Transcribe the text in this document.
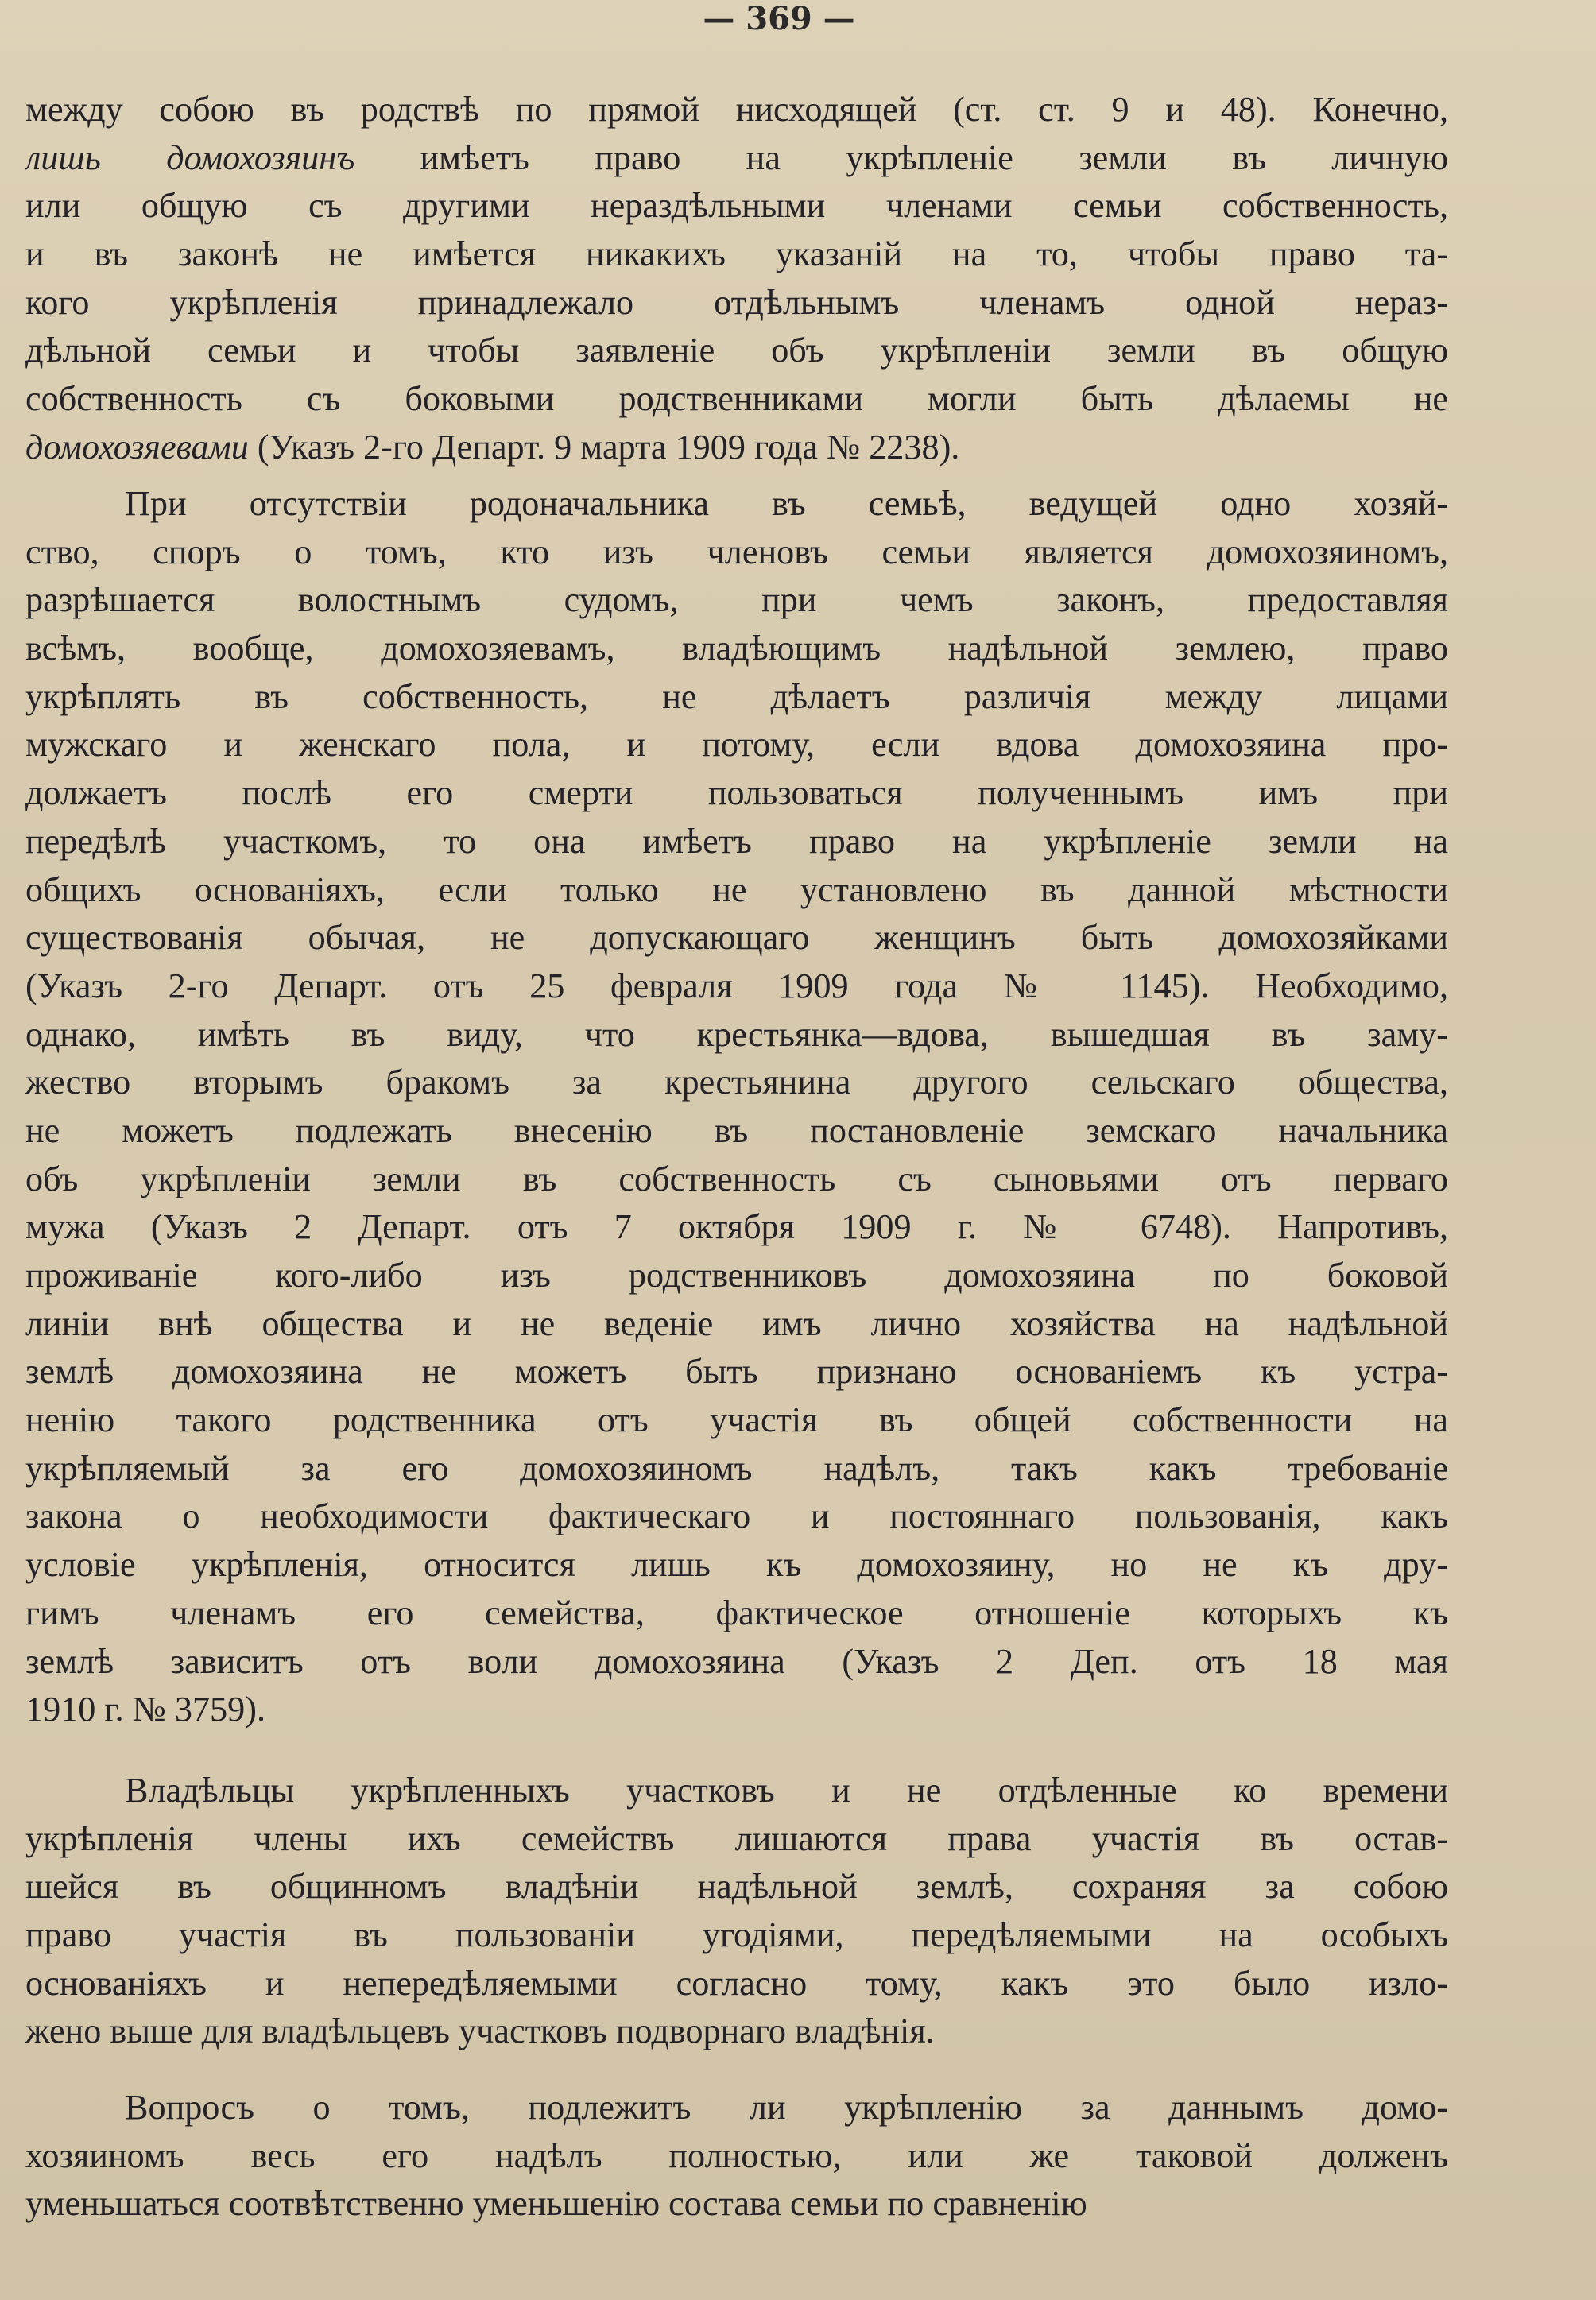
— 369 —
между собою въ родствѣ по прямой нисходящей (ст. ст. 9 и 48). Конечно,
лишь домохозяинъ имѣетъ право на укрѣпленіе земли въ личную
или общую съ другими нераздѣльными членами семьи собственность,
и въ законѣ не имѣется никакихъ указаній на то, чтобы право та-
кого укрѣпленія принадлежало отдѣльнымъ членамъ одной нераз-
дѣльной семьи и чтобы заявленіе объ укрѣпленіи земли въ общую
собственность съ боковыми родственниками могли быть дѣлаемы не
домохозяевами (Указъ 2-го Департ. 9 марта 1909 года № 2238).
При отсутствіи родоначальника въ семьѣ, ведущей одно хозяй-
ство, споръ о томъ, кто изъ членовъ семьи является домохозяиномъ,
разрѣшается волостнымъ судомъ, при чемъ законъ, предоставляя
всѣмъ, вообще, домохозяевамъ, владѣющимъ надѣльной землею, право
укрѣплять въ собственность, не дѣлаетъ различія между лицами
мужскаго и женскаго пола, и потому, если вдова домохозяина про-
должаетъ послѣ его смерти пользоваться полученнымъ имъ при
передѣлѣ участкомъ, то она имѣетъ право на укрѣпленіе земли на
общихъ основаніяхъ, если только не установлено въ данной мѣстности
существованія обычая, не допускающаго женщинъ быть домохозяйками
(Указъ 2-го Департ. отъ 25 февраля 1909 года № 1145). Необходимо,
однако, имѣть въ виду, что крестьянка—вдова, вышедшая въ заму-
жество вторымъ бракомъ за крестьянина другого сельскаго общества,
не можетъ подлежать внесенію въ постановленіе земскаго начальника
объ укрѣпленіи земли въ собственность съ сыновьями отъ перваго
мужа (Указъ 2 Департ. отъ 7 октября 1909 г. № 6748). Напротивъ,
проживаніе кого-либо изъ родственниковъ домохозяина по боковой
линіи внѣ общества и не веденіе имъ лично хозяйства на надѣльной
землѣ домохозяина не можетъ быть признано основаніемъ къ устра-
ненію такого родственника отъ участія въ общей собственности на
укрѣпляемый за его домохозяиномъ надѣлъ, такъ какъ требованіе
закона о необходимости фактическаго и постояннаго пользованія, какъ
условіе укрѣпленія, относится лишь къ домохозяину, но не къ дру-
гимъ членамъ его семейства, фактическое отношеніе которыхъ къ
землѣ зависитъ отъ воли домохозяина (Указъ 2 Деп. отъ 18 мая
1910 г. № 3759).
Владѣльцы укрѣпленныхъ участковъ и не отдѣленные ко времени
укрѣпленія члены ихъ семействъ лишаются права участія въ остав-
шейся въ общинномъ владѣніи надѣльной землѣ, сохраняя за собою
право участія въ пользованіи угодіями, передѣляемыми на особыхъ
основаніяхъ и непередѣляемыми согласно тому, какъ это было изло-
жено выше для владѣльцевъ участковъ подворнаго владѣнія.
Вопросъ о томъ, подлежитъ ли укрѣпленію за даннымъ домо-
хозяиномъ весь его надѣлъ полностью, или же таковой долженъ
уменьшаться соотвѣтственно уменьшенію состава семьи по сравненію
